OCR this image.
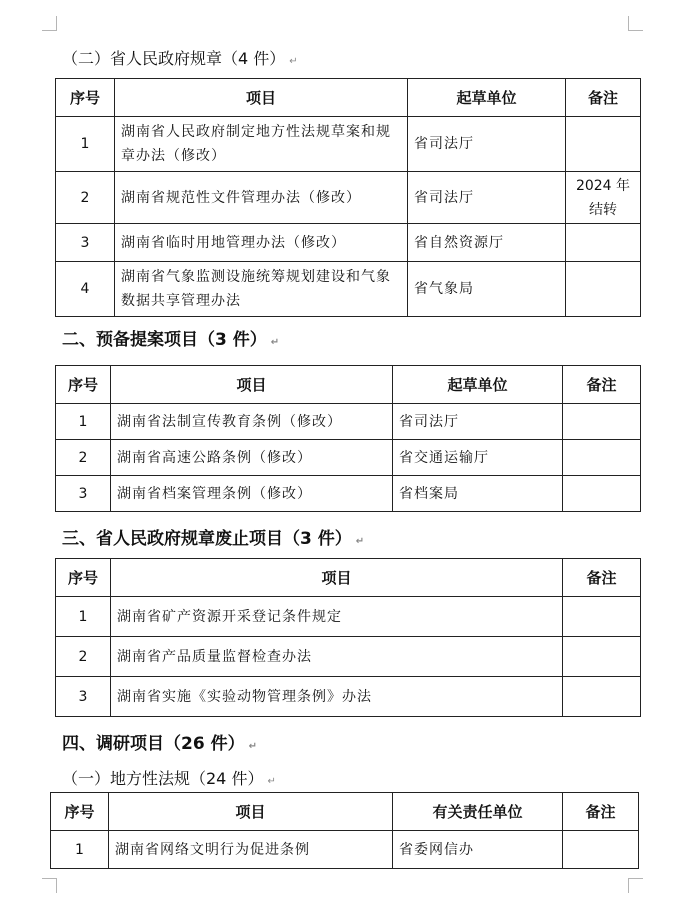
（二）省人民政府规章（4 件） ↵
序号	项目	起草单位	备注
1	湖南省人民政府制定地方性法规草案和规章办法（修改）	省司法厅	
2	湖南省规范性文件管理办法（修改）	省司法厅	2024 年结转
3	湖南省临时用地管理办法（修改）	省自然资源厅	
4	湖南省气象监测设施统筹规划建设和气象数据共享管理办法	省气象局	
二、预备提案项目（3 件） ↵
序号	项目	起草单位	备注
1	湖南省法制宣传教育条例（修改）	省司法厅	
2	湖南省高速公路条例（修改）	省交通运输厅	
3	湖南省档案管理条例（修改）	省档案局	
三、省人民政府规章废止项目（3 件） ↵
序号	项目	备注
1	湖南省矿产资源开采登记条件规定	
2	湖南省产品质量监督检查办法	
3	湖南省实施《实验动物管理条例》办法	
四、调研项目（26 件） ↵
（一）地方性法规（24 件） ↵
序号	项目	有关责任单位	备注
1	湖南省网络文明行为促进条例	省委网信办	
